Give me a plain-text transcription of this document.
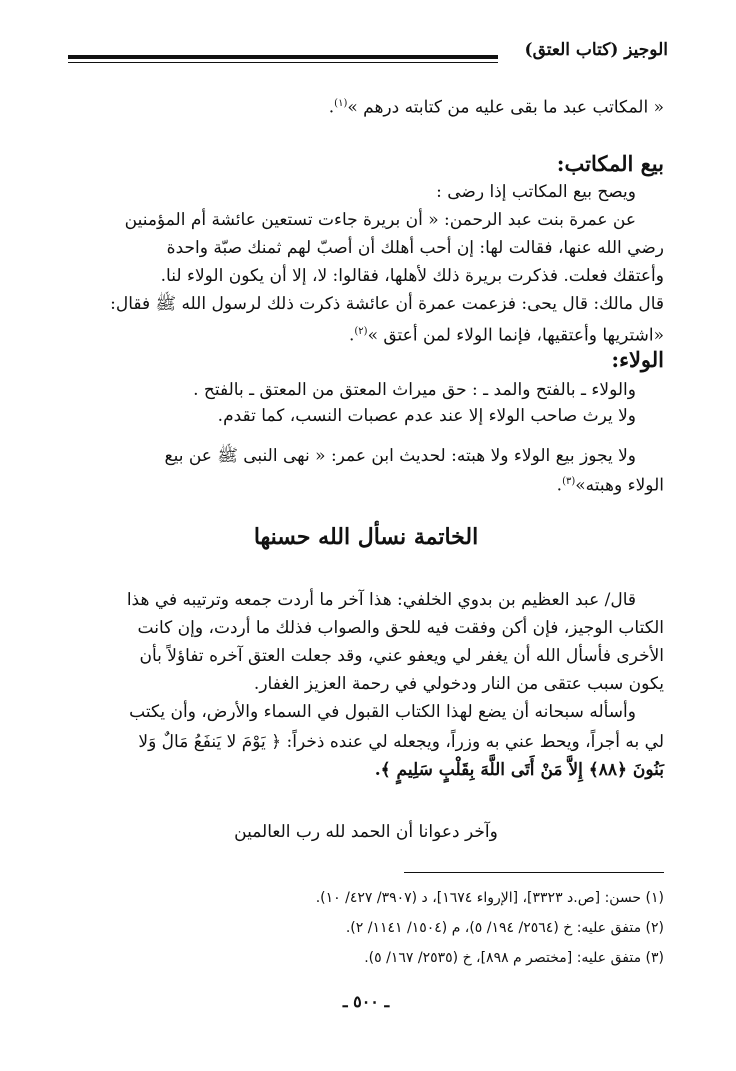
الوجيز (كتاب العتق)
« المكاتب عبد ما بقى عليه من كتابته درهم »$^{(١)}$.
بيع المكاتب:
ويصح بيع المكاتب إذا رضى :
عن عمرة بنت عبد الرحمن: « أن بريرة جاءت تستعين عائشة أم المؤمنين
رضي الله عنها، فقالت لها: إن أحب أهلك أن أصبّ لهم ثمنك صبّة واحدة
وأعتقك فعلت. فذكرت بريرة ذلك لأهلها، فقالوا: لا، إلا أن يكون الولاء لنا.
قال مالك: قال يحى: فزعمت عمرة أن عائشة ذكرت ذلك لرسول الله ﷺ فقال:
«اشتريها وأعتقيها، فإنما الولاء لمن أعتق »$^{(٢)}$.
الولاء:
والولاء ـ بالفتح والمد ـ : حق ميراث المعتق من المعتق ـ بالفتح .
ولا يرث صاحب الولاء إلا عند عدم عصبات النسب، كما تقدم.
ولا يجوز بيع الولاء ولا هبته: لحديث ابن عمر: « نهى النبى ﷺ عن بيع
الولاء وهبته»$^{(٣)}$.
الخاتمة نسأل الله حسنها
قال/ عبد العظيم بن بدوي الخلفي: هذا آخر ما أردت جمعه وترتيبه في هذا
الكتاب الوجيز، فإن أكن وفقت فيه للحق والصواب فذلك ما أردت، وإن كانت
الأخرى فأسأل الله أن يغفر لي ويعفو عني، وقد جعلت العتق آخره تفاؤلاً بأن
يكون سبب عتقى من النار ودخولي في رحمة العزيز الغفار.
وأسأله سبحانه أن يضع لهذا الكتاب القبول في السماء والأرض، وأن يكتب
لي به أجراً، ويحط عني به وزراً، ويجعله لي عنده ذخراً: ﴿ يَوْمَ لا يَنفَعُ مَالٌ وَلا
بَنُونَ ﴿٨٨﴾ إِلاَّ مَنْ أَتَى اللَّهَ بِقَلْبٍ سَلِيمٍ ﴾.
وآخر دعوانا أن الحمد لله رب العالمين
(١) حسن: [ص.د ٣٣٢٣]، [الإرواء ١٦٧٤]، د (٣٩٠٧/ ٤٢٧/ ١٠).
(٢) متفق عليه: خ (٢٥٦٤/ ١٩٤/ ٥)، م (١٥٠٤/ ١١٤١/ ٢).
(٣) متفق عليه: [مختصر م ٨٩٨]، خ (٢٥٣٥/ ١٦٧/ ٥).
ـ ٥٠٠ ـ
